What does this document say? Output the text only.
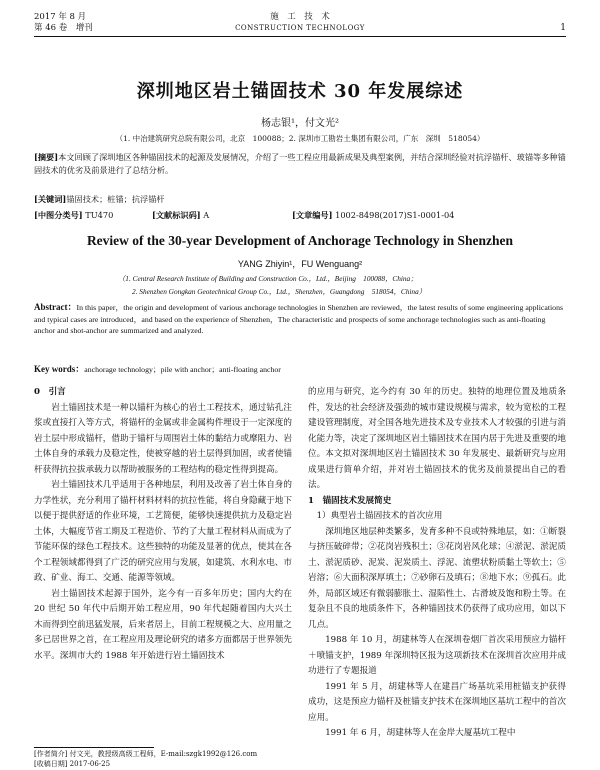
2017 年 8 月
第 46 卷　增刊
施　工　技　术
CONSTRUCTION TECHNOLOGY	1
深圳地区岩土锚固技术 30 年发展综述
杨志银¹，付文光²
（1. 中冶建筑研究总院有限公司，北京　100088；2. 深圳市工勘岩土集团有限公司，广东　深圳　518054）
[摘要]本文回顾了深圳地区各种锚固技术的起源及发展情况，介绍了一些工程应用最新成果及典型案例，并结合深圳经验对抗浮锚杆、玻锚等多种锚固技术的优劣及前景进行了总结分析。
[关键词]锚固技术；桩锚；抗浮锚杆
[中图分类号] TU470	[文献标识码] A	[文章编号] 1002-8498(2017)S1-0001-04
Review of the 30-year Development of Anchorage Technology in Shenzhen
YANG Zhiyin¹，FU Wenguang²
（1. Central Research Institute of Building and Construction Co.，Ltd.，Beijing　100088，China；
2. Shenzhen Gongkan Geotechnical Group Co.，Ltd.，Shenzhen，Guangdong　518054，China）
Abstract：In this paper，the origin and development of various anchorage technologies in Shenzhen are reviewed，the latest results of some engineering applications and typical cases are introduced，and based on the experience of Shenzhen，The characteristic and prospects of some anchorage technologies such as anti-floating anchor and shot-anchor are summarized and analyzed.
Key words：anchorage technology；pile with anchor；anti-floating anchor

0　引言

岩土锚固技术是一种以锚杆为核心的岩土工程技术，通过钻孔注浆或直接打入等方式，将锚杆的金属或非金属构件埋设于一定深度的岩土层中形成锚杆，借助于锚杆与周围岩土体的黏结力或摩阻力、岩土体自身的承载力及稳定性，使被穿越的岩土层得到加固，或者使锚杆获得抗拉拔承载力以帮助被服务的工程结构的稳定性得到提高。

岩土锚固技术几乎适用于各种地层，利用及改善了岩土体自身的力学性状，充分利用了锚杆材料材料的抗拉性能，将自身隐藏于地下以便于提供舒适的作业环境，工艺简便，能够快速提供抗力及稳定岩土体，大幅度节省工期及工程造价、节约了大量工程材料从而成为了节能环保的绿色工程技术。这些独特的功能及显著的优点，使其在各个工程领域都得到了广泛的研究应用与发展，如建筑、水利水电、市政、矿业、海工、交通、能源等领域。

岩土锚固技术起源于国外，迄今有一百多年历史；国内大约在 20 世纪 50 年代中后期开始工程应用，90 年代起随着国内大兴土木而得到空前迅猛发展，后来者居上，目前工程规模之大、应用量之多已居世界之首，在工程应用及理论研究的诸多方面都居于世界领先水平。深圳市大约 1988 年开始进行岩土锚固技术

的应用与研究，迄今约有 30 年的历史。独特的地理位置及地质条件，发达的社会经济及强劲的城市建设规模与需求，较为宽松的工程建设管理制度，对全国各地先进技术及专业技术人才较强的引进与消化能力等，决定了深圳地区岩土锚固技术在国内居于先进及重要的地位。本文拟对深圳地区岩土锚固技术 30 年发展史、最新研究与应用成果进行简单介绍，并对岩土锚固技术的优劣及前景提出自己的看法。

1　锚固技术发展简史

1）典型岩土锚固技术的首次应用

深圳地区地层种类繁多，发育多种不良或特殊地层，如：①断裂与挤压破碎带；②花岗岩残积土；③花岗岩风化球；④淤泥、淤泥质土、淤泥质砂、泥炭、泥炭质土、浮泥、流塑状粉质黏土等软土；⑤岩溶；⑥大面积深厚填土；⑦砂卵石及填石；⑧地下水；⑨孤石。此外，局部区域还有微弱膨胀土、湿陷性土、古滑坡及饱和粉土等。在复杂且不良的地质条件下，各种锚固技术仍获得了成功应用，如以下几点。

1988 年 10 月，胡建林等人在深圳卷烟厂首次采用预应力锚杆＋喷锚支护，1989 年深圳特区报为这项新技术在深圳首次应用并成功进行了专题报道

1991 年 5 月，胡建林等人在建昌广场基坑采用桩锚支护获得成功，这是预应力锚杆及桩锚支护技术在深圳地区基坑工程中的首次应用。

1991 年 6 月，胡建林等人在金岸大厦基坑工程中

[作者简介] 付文光，教授级高级工程师，E-mail:szgk1992@126.com
[收稿日期] 2017-06-25
